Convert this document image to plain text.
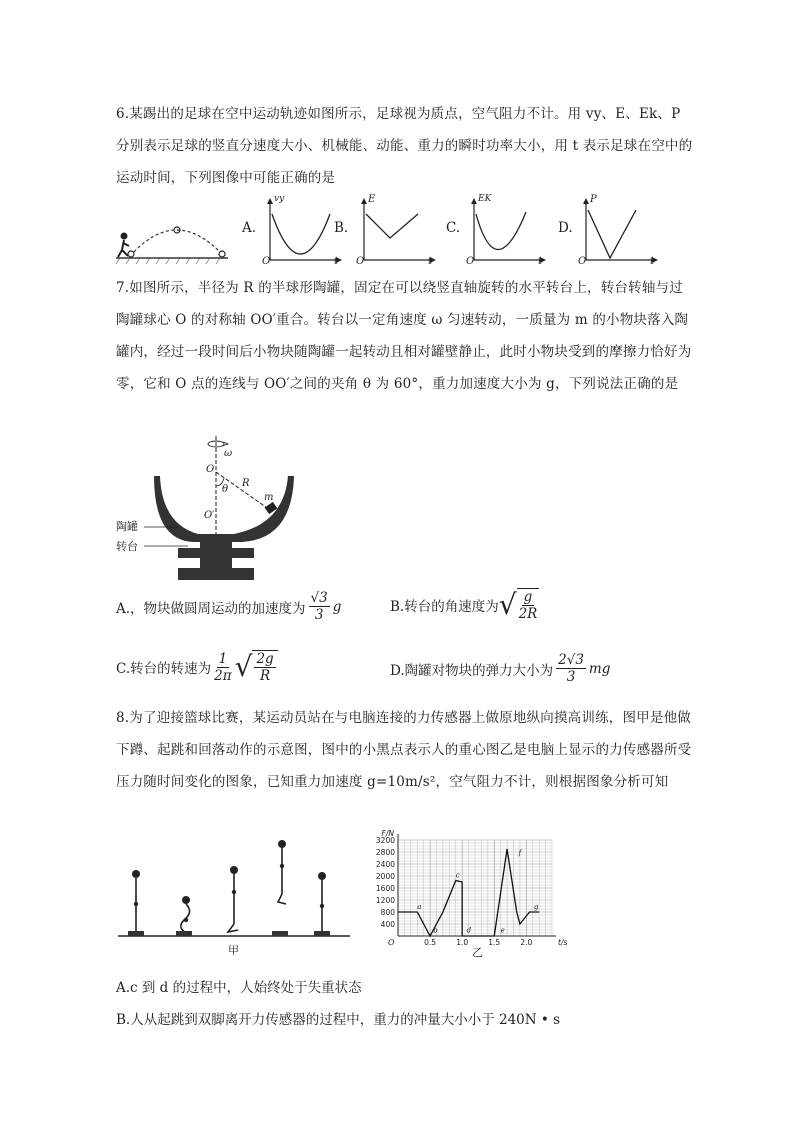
6.某踢出的足球在空中运动轨迹如图所示，足球视为质点，空气阻力不计。用 vy、E、Ek、P 分别表示足球的竖直分速度大小、机械能、动能、重力的瞬时功率大小，用 t 表示足球在空中的运动时间，下列图像中可能正确的是
A.
vy
O	t
B.
E
O	t
C.
EK
O	t
D.
P
O	t
7.如图所示，半径为 R 的半球形陶罐，固定在可以绕竖直轴旋转的水平转台上，转台转轴与过陶罐球心 O 的对称轴 OO′重合。转台以一定角速度 ω 匀速转动，一质量为 m 的小物块落入陶罐内，经过一段时间后小物块随陶罐一起转动且相对罐壁静止，此时小物块受到的摩擦力恰好为零，它和 O 点的连线与 OO′之间的夹角 θ 为 60°，重力加速度大小为 g，下列说法正确的是
ω
O
θ
R
m
O′
陶罐
转台
A.，物块做圆周运动的加速度为 $\frac{√3}{3}$ g	B.转台的角速度为 √ $\frac{g}{2R}$
C.转台的转速为 $\frac{1}{2\pi}$ √ $\frac{2g}{R}$	D.陶罐对物块的弹力大小为 $\frac{2√3}{3}$ mg
8.为了迎接篮球比赛，某运动员站在与电脑连接的力传感器上做原地纵向摸高训练，图甲是他做下蹲、起跳和回落动作的示意图，图中的小黑点表示人的重心图乙是电脑上显示的力传感器所受压力随时间变化的图象，已知重力加速度 g=10m/s²，空气阻力不计，则根据图象分析可知
甲
3200
2800
2400
2000
1600
1200
800
400
0.5	1.0	1.5	2.0
F/N
t/s
O
a
b
c
d	e
f
g
乙
A.c 到 d 的过程中，人始终处于失重状态
B.人从起跳到双脚离开力传感器的过程中，重力的冲量大小小于 240N • s
